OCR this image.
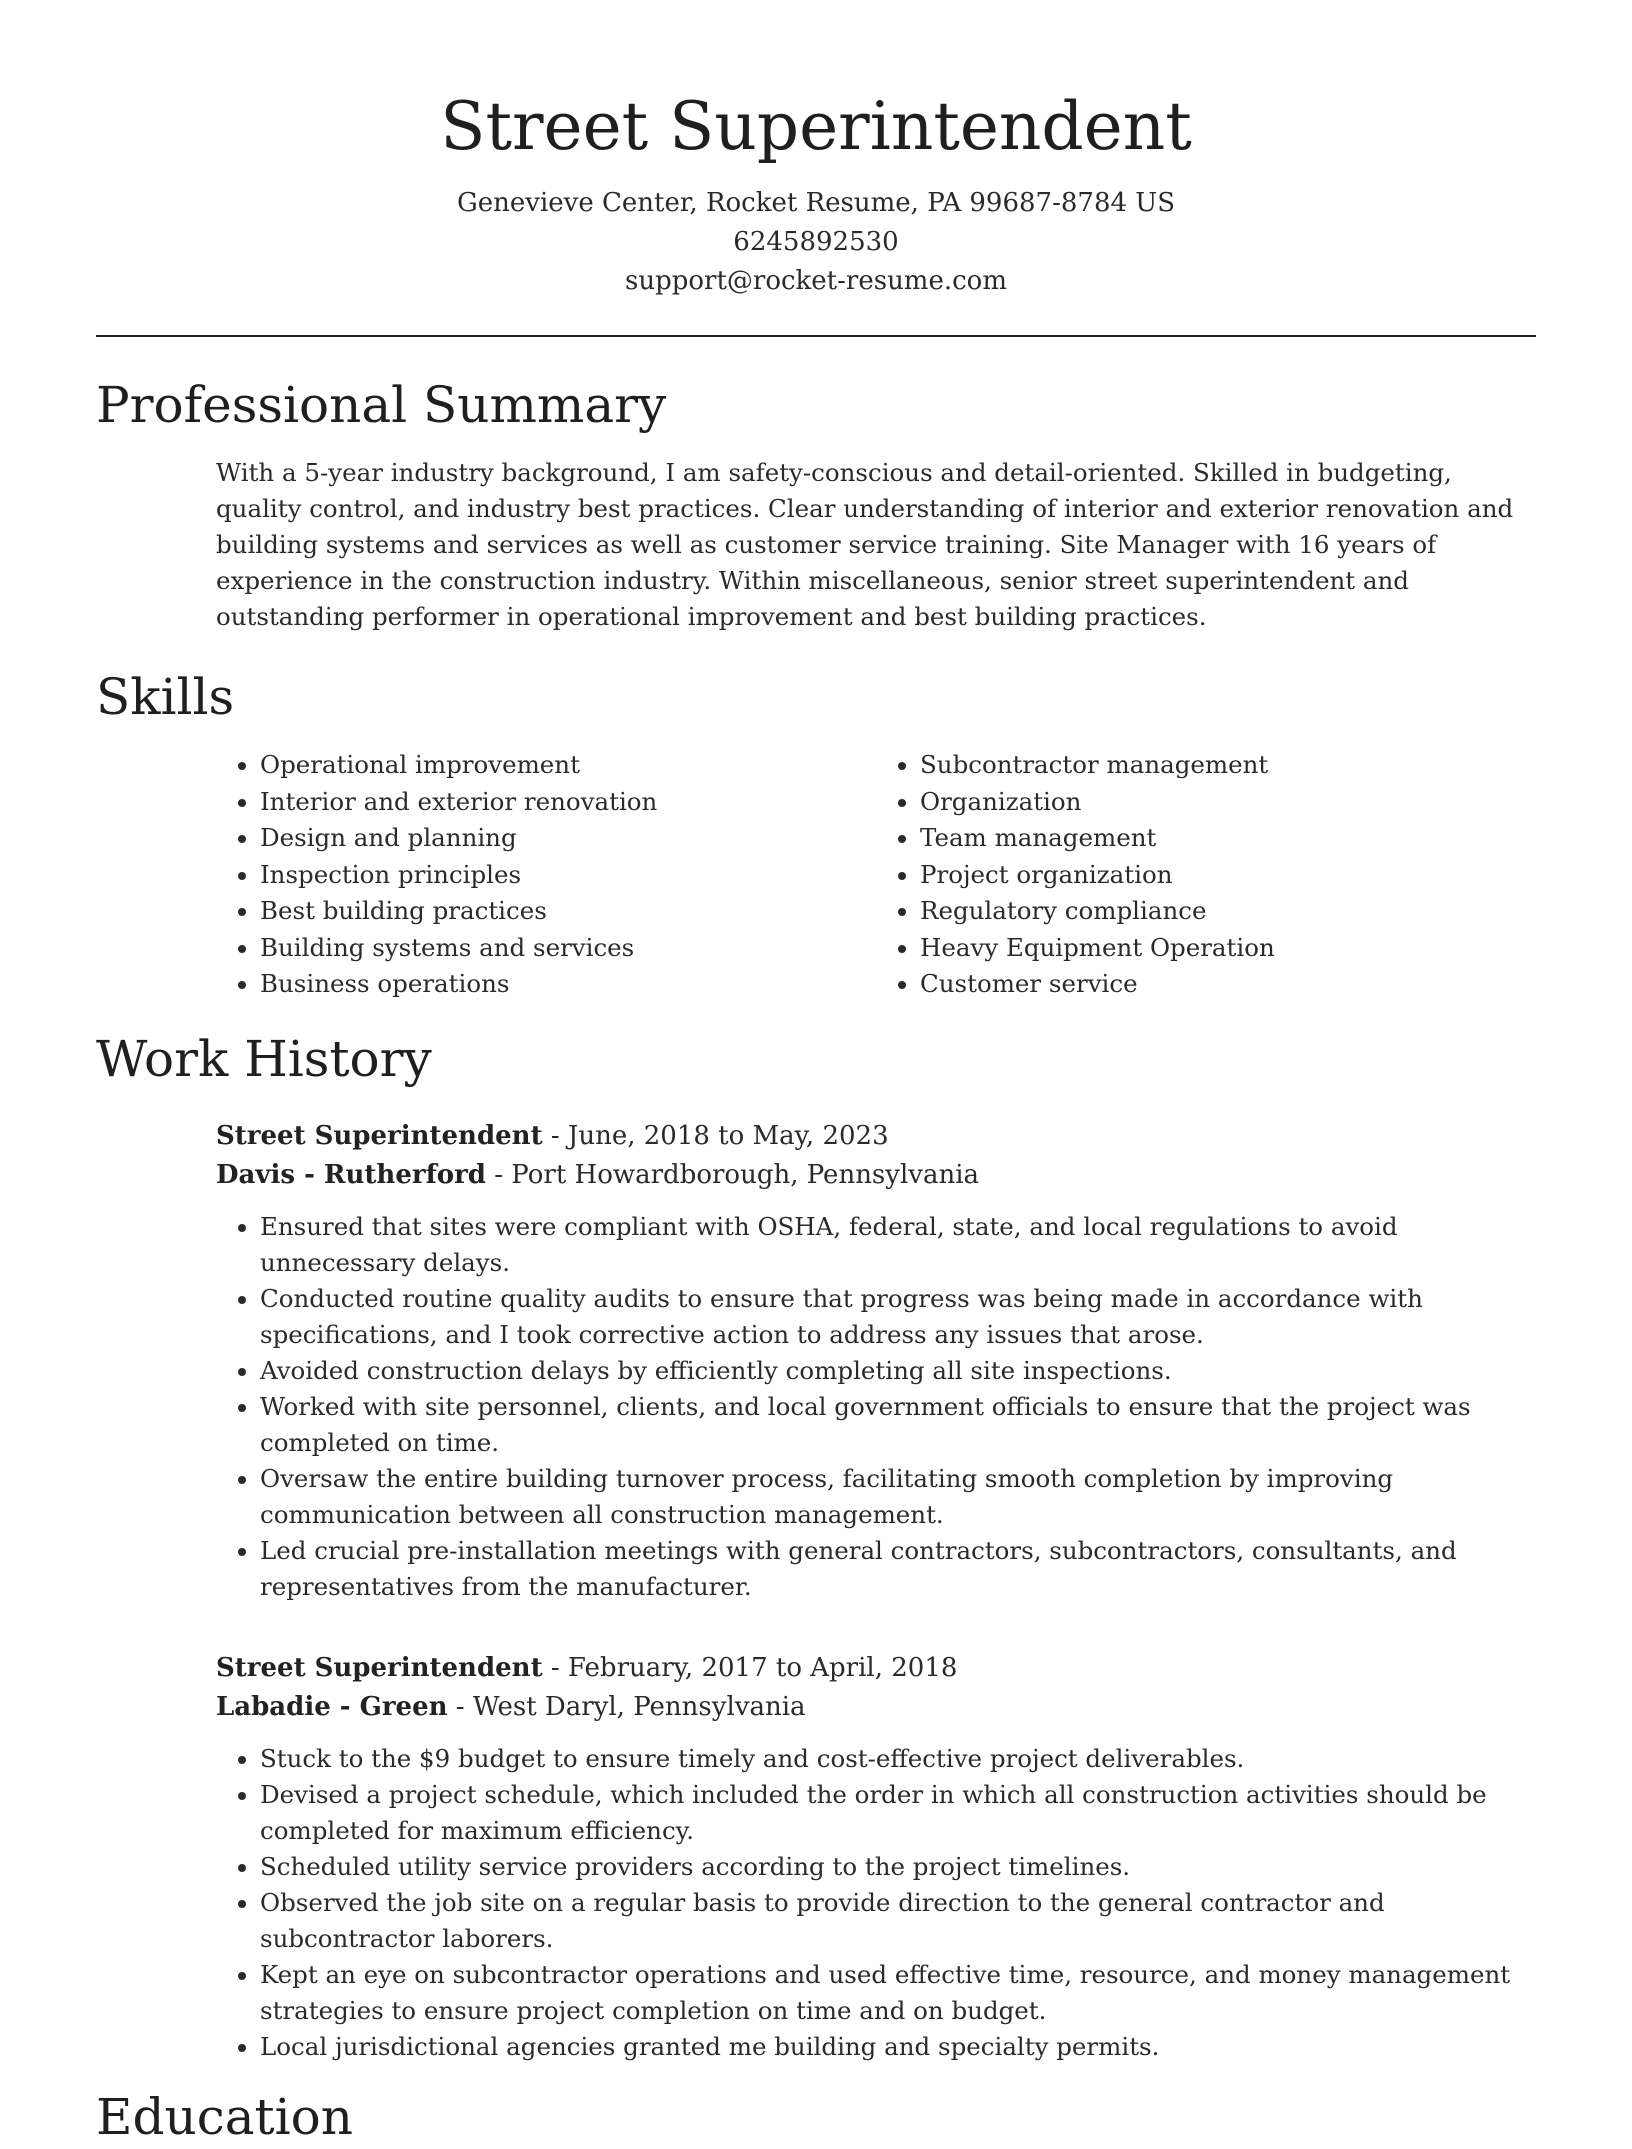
Street Superintendent
Genevieve Center, Rocket Resume, PA 99687-8784 US
6245892530
support@rocket-resume.com
Professional Summary
With a 5-year industry background, I am safety-conscious and detail-oriented. Skilled in budgeting, quality control, and industry best practices. Clear understanding of interior and exterior renovation and building systems and services as well as customer service training. Site Manager with 16 years of experience in the construction industry. Within miscellaneous, senior street superintendent and outstanding performer in operational improvement and best building practices.
Skills
• Operational improvement
• Interior and exterior renovation
• Design and planning
• Inspection principles
• Best building practices
• Building systems and services
• Business operations
• Subcontractor management
• Organization
• Team management
• Project organization
• Regulatory compliance
• Heavy Equipment Operation
• Customer service
Work History
Street Superintendent - June, 2018 to May, 2023
Davis - Rutherford - Port Howardborough, Pennsylvania
• Ensured that sites were compliant with OSHA, federal, state, and local regulations to avoid unnecessary delays.
• Conducted routine quality audits to ensure that progress was being made in accordance with specifications, and I took corrective action to address any issues that arose.
• Avoided construction delays by efficiently completing all site inspections.
• Worked with site personnel, clients, and local government officials to ensure that the project was completed on time.
• Oversaw the entire building turnover process, facilitating smooth completion by improving communication between all construction management.
• Led crucial pre-installation meetings with general contractors, subcontractors, consultants, and representatives from the manufacturer.
Street Superintendent - February, 2017 to April, 2018
Labadie - Green - West Daryl, Pennsylvania
• Stuck to the $9 budget to ensure timely and cost-effective project deliverables.
• Devised a project schedule, which included the order in which all construction activities should be completed for maximum efficiency.
• Scheduled utility service providers according to the project timelines.
• Observed the job site on a regular basis to provide direction to the general contractor and subcontractor laborers.
• Kept an eye on subcontractor operations and used effective time, resource, and money management strategies to ensure project completion on time and on budget.
• Local jurisdictional agencies granted me building and specialty permits.
Education
